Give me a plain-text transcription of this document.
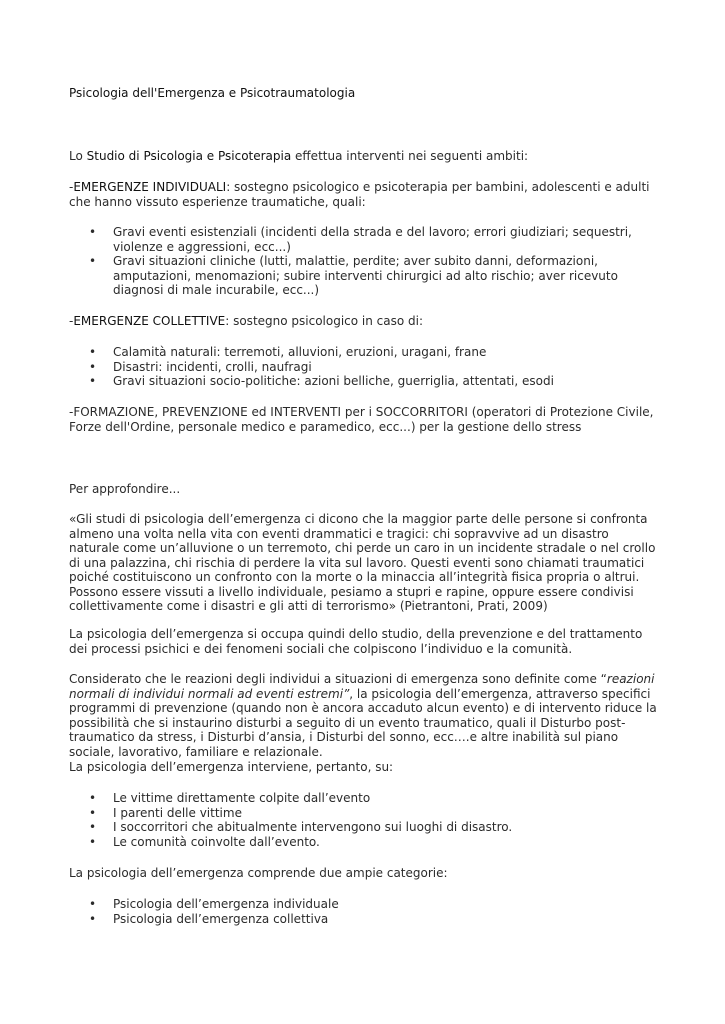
Psicologia dell'Emergenza e Psicotraumatologia

Lo Studio di Psicologia e Psicoterapia effettua interventi nei seguenti ambiti:

-EMERGENZE INDIVIDUALI: sostegno psicologico e psicoterapia per bambini, adolescenti e adulti che hanno vissuto esperienze traumatiche, quali:

• Gravi eventi esistenziali (incidenti della strada e del lavoro; errori giudiziari; sequestri, violenze e aggressioni, ecc...)
• Gravi situazioni cliniche (lutti, malattie, perdite; aver subito danni, deformazioni, amputazioni, menomazioni; subire interventi chirurgici ad alto rischio; aver ricevuto diagnosi di male incurabile, ecc...)

-EMERGENZE COLLETTIVE: sostegno psicologico in caso di:

• Calamità naturali: terremoti, alluvioni, eruzioni, uragani, frane
• Disastri: incidenti, crolli, naufragi
• Gravi situazioni socio-politiche: azioni belliche, guerriglia, attentati, esodi

-FORMAZIONE, PREVENZIONE ed INTERVENTI per i SOCCORRITORI (operatori di Protezione Civile, Forze dell'Ordine, personale medico e paramedico, ecc...) per la gestione dello stress

Per approfondire...

«Gli studi di psicologia dell’emergenza ci dicono che la maggior parte delle persone si confronta almeno una volta nella vita con eventi drammatici e tragici: chi sopravvive ad un disastro naturale come un’alluvione o un terremoto, chi perde un caro in un incidente stradale o nel crollo di una palazzina, chi rischia di perdere la vita sul lavoro. Questi eventi sono chiamati traumatici poiché costituiscono un confronto con la morte o la minaccia all’integrità fisica propria o altrui. Possono essere vissuti a livello individuale, pesiamo a stupri e rapine, oppure essere condivisi collettivamente come i disastri e gli atti di terrorismo» (Pietrantoni, Prati, 2009)

La psicologia dell’emergenza si occupa quindi dello studio, della prevenzione e del trattamento dei processi psichici e dei fenomeni sociali che colpiscono l’individuo e la comunità.

Considerato che le reazioni degli individui a situazioni di emergenza sono definite come “reazioni normali di individui normali ad eventi estremi”, la psicologia dell’emergenza, attraverso specifici programmi di prevenzione (quando non è ancora accaduto alcun evento) e di intervento riduce la possibilità che si instaurino disturbi a seguito di un evento traumatico, quali il Disturbo post-traumatico da stress, i Disturbi d’ansia, i Disturbi del sonno, ecc….e altre inabilità sul piano sociale, lavorativo, familiare e relazionale.

La psicologia dell’emergenza interviene, pertanto, su:

• Le vittime direttamente colpite dall’evento
• I parenti delle vittime
• I soccorritori che abitualmente intervengono sui luoghi di disastro.
• Le comunità coinvolte dall’evento.

La psicologia dell’emergenza comprende due ampie categorie:

• Psicologia dell’emergenza individuale
• Psicologia dell’emergenza collettiva
